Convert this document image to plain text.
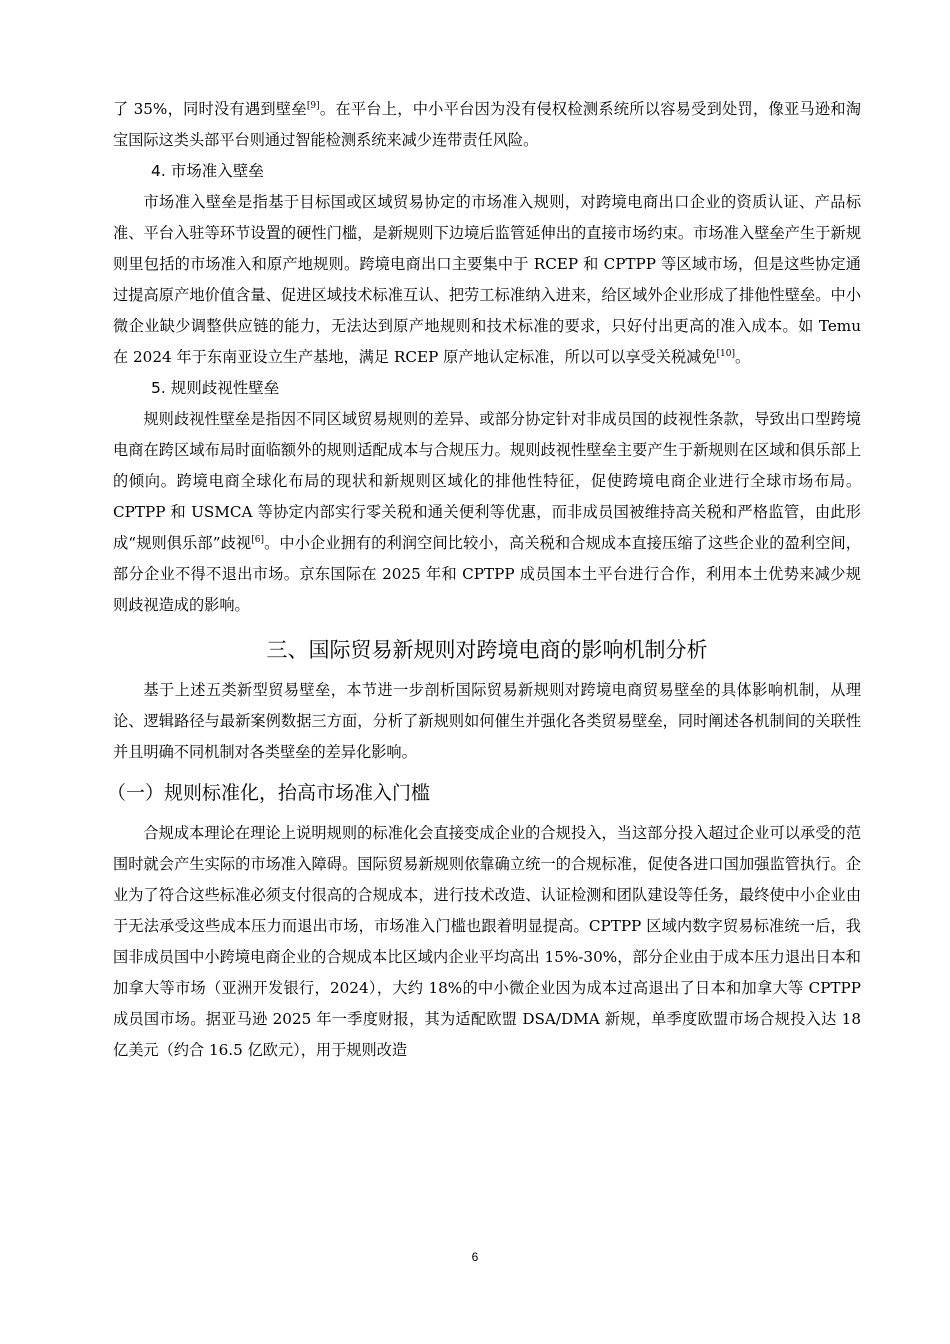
了 35%，同时没有遇到壁垒[9]。在平台上，中小平台因为没有侵权检测系统所以容易受到处罚，像亚马逊和淘宝国际这类头部平台则通过智能检测系统来减少连带责任风险。

4. 市场准入壁垒

市场准入壁垒是指基于目标国或区域贸易协定的市场准入规则，对跨境电商出口企业的资质认证、产品标准、平台入驻等环节设置的硬性门槛，是新规则下边境后监管延伸出的直接市场约束。市场准入壁垒产生于新规则里包括的市场准入和原产地规则。跨境电商出口主要集中于 RCEP 和 CPTPP 等区域市场，但是这些协定通过提高原产地价值含量、促进区域技术标准互认、把劳工标准纳入进来，给区域外企业形成了排他性壁垒。中小微企业缺少调整供应链的能力，无法达到原产地规则和技术标准的要求，只好付出更高的准入成本。如 Temu 在 2024 年于东南亚设立生产基地，满足 RCEP 原产地认定标准，所以可以享受关税减免[10]。

5. 规则歧视性壁垒

规则歧视性壁垒是指因不同区域贸易规则的差异、或部分协定针对非成员国的歧视性条款，导致出口型跨境电商在跨区域布局时面临额外的规则适配成本与合规压力。规则歧视性壁垒主要产生于新规则在区域和俱乐部上的倾向。跨境电商全球化布局的现状和新规则区域化的排他性特征，促使跨境电商企业进行全球市场布局。CPTPP 和 USMCA 等协定内部实行零关税和通关便利等优惠，而非成员国被维持高关税和严格监管，由此形成“规则俱乐部”歧视[6]。中小企业拥有的利润空间比较小，高关税和合规成本直接压缩了这些企业的盈利空间，部分企业不得不退出市场。京东国际在 2025 年和 CPTPP 成员国本土平台进行合作，利用本土优势来减少规则歧视造成的影响。

三、国际贸易新规则对跨境电商的影响机制分析

基于上述五类新型贸易壁垒，本节进一步剖析国际贸易新规则对跨境电商贸易壁垒的具体影响机制，从理论、逻辑路径与最新案例数据三方面，分析了新规则如何催生并强化各类贸易壁垒，同时阐述各机制间的关联性并且明确不同机制对各类壁垒的差异化影响。

（一）规则标准化，抬高市场准入门槛

合规成本理论在理论上说明规则的标准化会直接变成企业的合规投入，当这部分投入超过企业可以承受的范围时就会产生实际的市场准入障碍。国际贸易新规则依靠确立统一的合规标准，促使各进口国加强监管执行。企业为了符合这些标准必须支付很高的合规成本，进行技术改造、认证检测和团队建设等任务，最终使中小企业由于无法承受这些成本压力而退出市场，市场准入门槛也跟着明显提高。CPTPP 区域内数字贸易标准统一后，我国非成员国中小跨境电商企业的合规成本比区域内企业平均高出 15%-30%，部分企业由于成本压力退出日本和加拿大等市场（亚洲开发银行，2024），大约 18%的中小微企业因为成本过高退出了日本和加拿大等 CPTPP 成员国市场。据亚马逊 2025 年一季度财报，其为适配欧盟 DSA/DMA 新规，单季度欧盟市场合规投入达 18 亿美元（约合 16.5 亿欧元），用于规则改造

6
